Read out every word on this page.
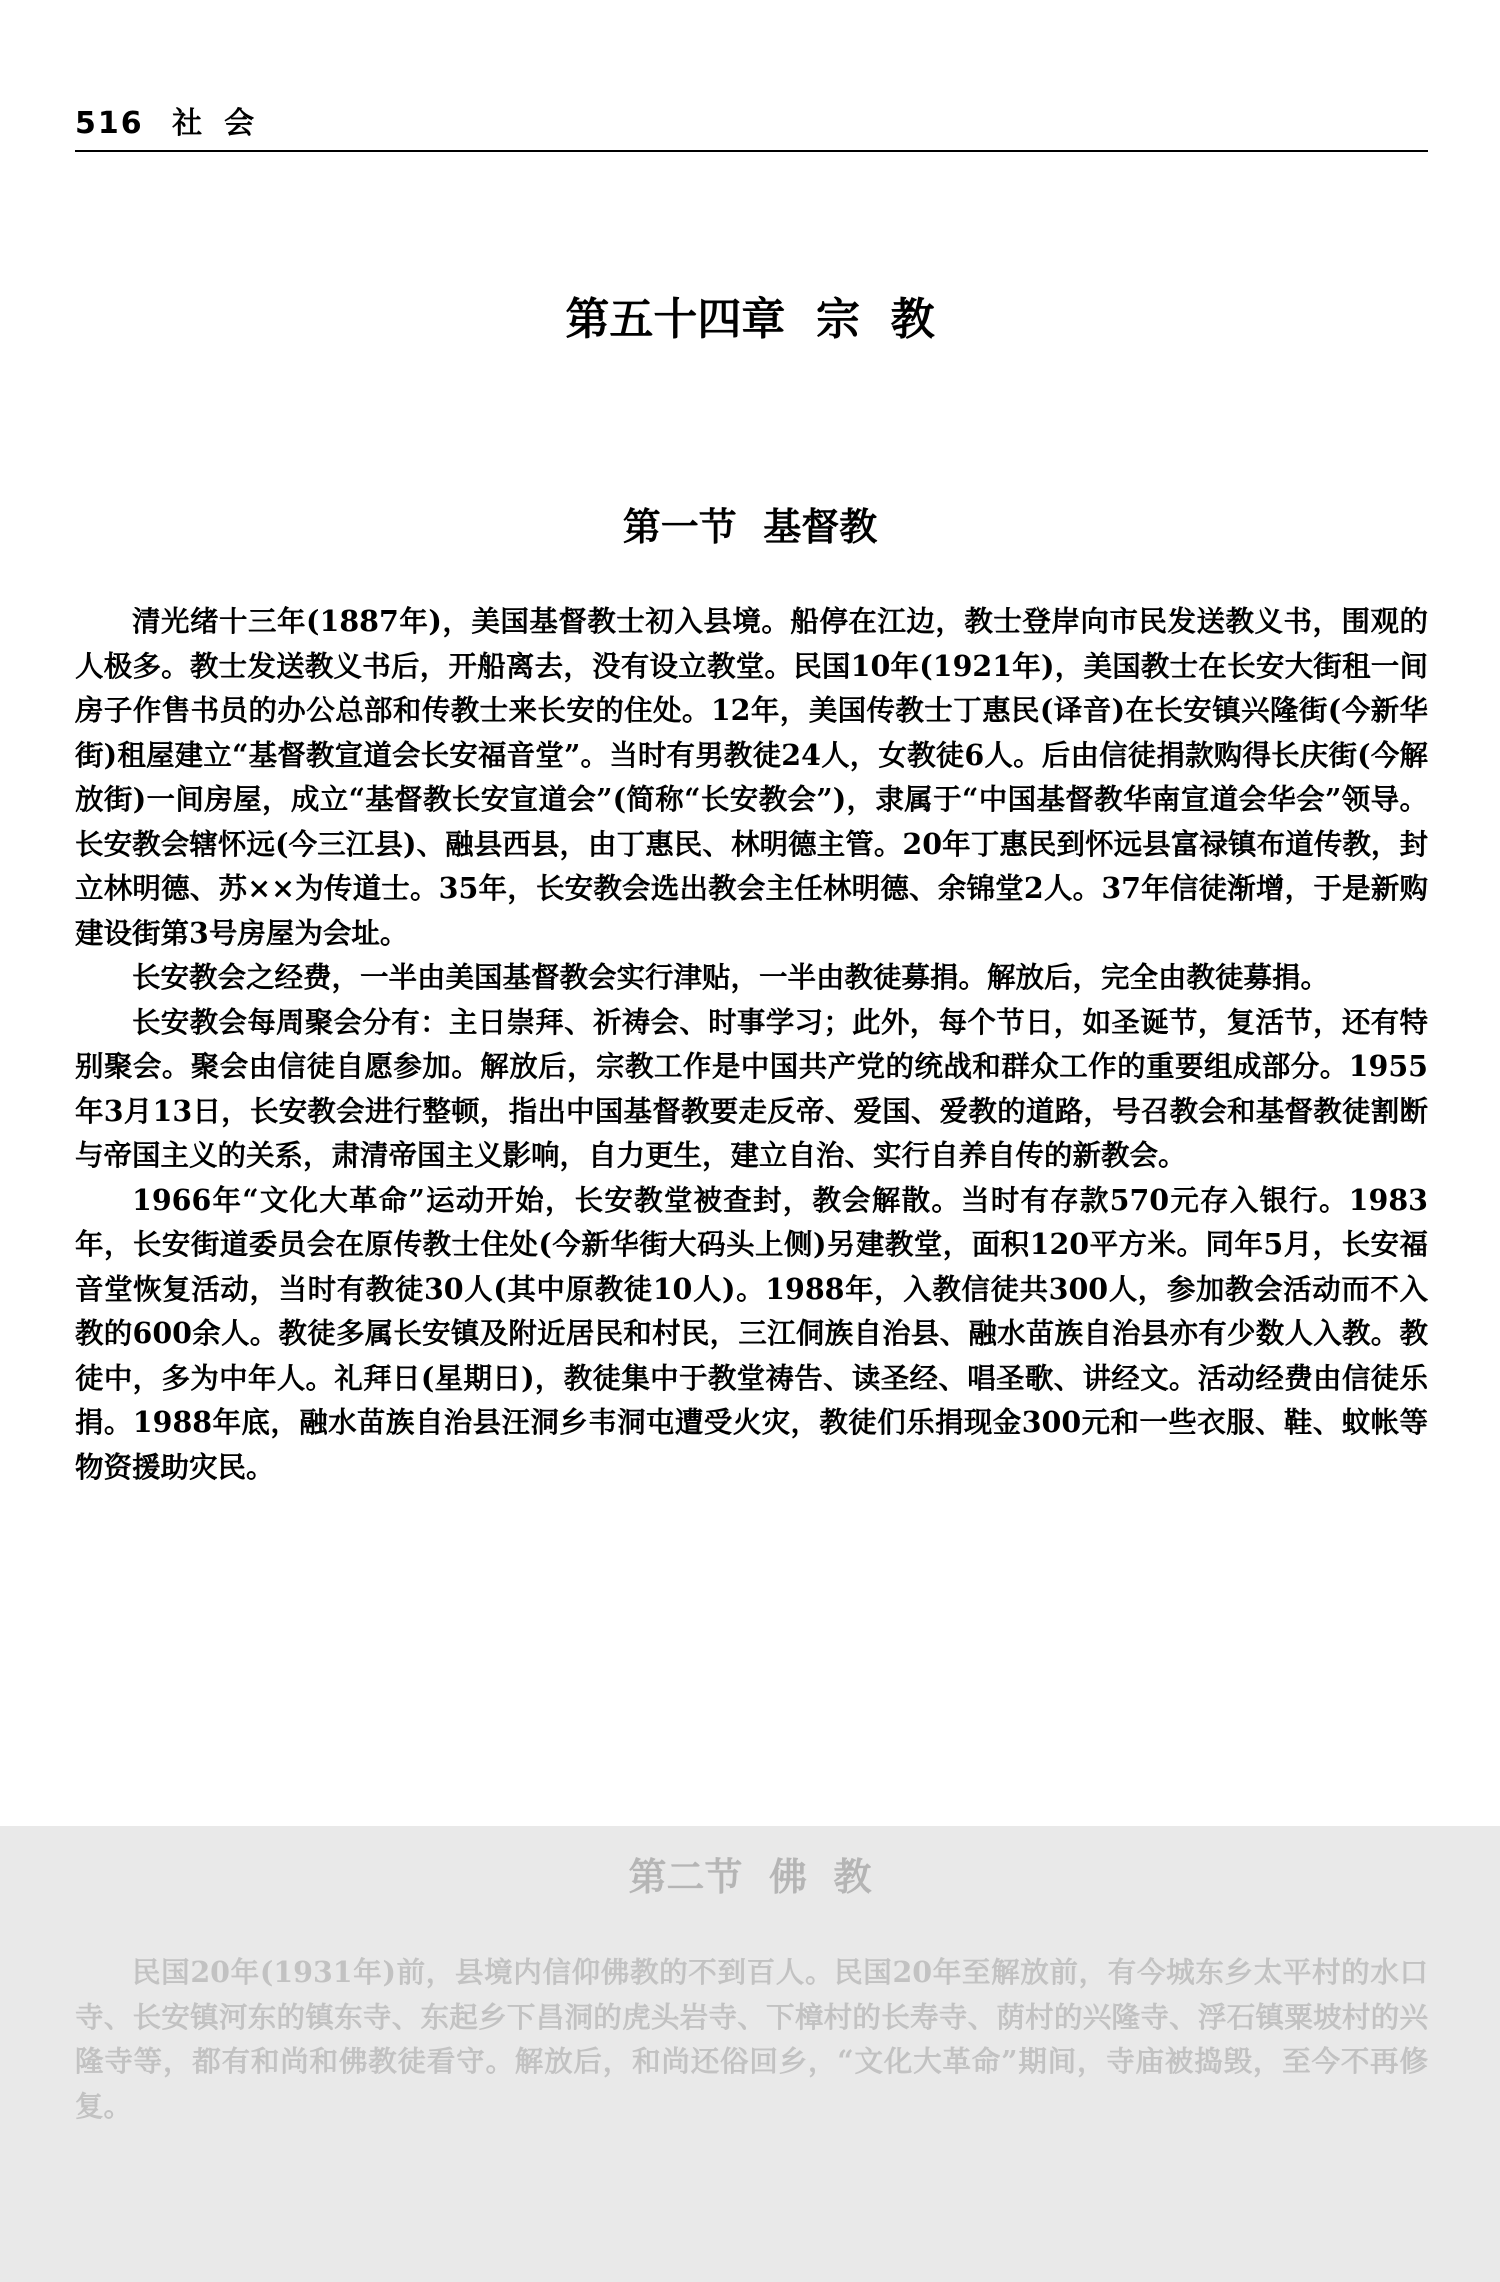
516 社会
第五十四章  宗  教
第一节  基督教

清光绪十三年(1887年)，美国基督教士初入县境。船停在江边，教士登岸向市民发送教义书，围观的人极多。教士发送教义书后，开船离去，没有设立教堂。民国10年(1921年)，美国教士在长安大街租一间房子作售书员的办公总部和传教士来长安的住处。12年，美国传教士丁惠民(译音)在长安镇兴隆街(今新华街)租屋建立“基督教宣道会长安福音堂”。当时有男教徒24人，女教徒6人。后由信徒捐款购得长庆街(今解放街)一间房屋，成立“基督教长安宣道会”(简称“长安教会”)，隶属于“中国基督教华南宣道会华会”领导。长安教会辖怀远(今三江县)、融县西县，由丁惠民、林明德主管。20年丁惠民到怀远县富禄镇布道传教，封立林明德、苏××为传道士。35年，长安教会选出教会主任林明德、余锦堂2人。37年信徒渐增，于是新购建设街第3号房屋为会址。

长安教会之经费，一半由美国基督教会实行津贴，一半由教徒募捐。解放后，完全由教徒募捐。

长安教会每周聚会分有：主日崇拜、祈祷会、时事学习；此外，每个节日，如圣诞节，复活节，还有特别聚会。聚会由信徒自愿参加。解放后，宗教工作是中国共产党的统战和群众工作的重要组成部分。1955年3月13日，长安教会进行整顿，指出中国基督教要走反帝、爱国、爱教的道路，号召教会和基督教徒割断与帝国主义的关系，肃清帝国主义影响，自力更生，建立自治、实行自养自传的新教会。

1966年“文化大革命”运动开始，长安教堂被查封，教会解散。当时有存款570元存入银行。1983年，长安街道委员会在原传教士住处(今新华街大码头上侧)另建教堂，面积120平方米。同年5月，长安福音堂恢复活动，当时有教徒30人(其中原教徒10人)。1988年，入教信徒共300人，参加教会活动而不入教的600余人。教徒多属长安镇及附近居民和村民，三江侗族自治县、融水苗族自治县亦有少数人入教。教徒中，多为中年人。礼拜日(星期日)，教徒集中于教堂祷告、读圣经、唱圣歌、讲经文。活动经费由信徒乐捐。1988年底，融水苗族自治县汪洞乡韦洞屯遭受火灾，教徒们乐捐现金300元和一些衣服、鞋、蚊帐等物资援助灾民。

第二节  佛  教

民国20年(1931年)前，县境内信仰佛教的不到百人。民国20年至解放前，有今城东乡太平村的水口寺、长安镇河东的镇东寺、东起乡下昌洞的虎头岩寺、下樟村的长寿寺、荫村的兴隆寺、浮石镇粟坡村的兴隆寺等，都有和尚和佛教徒看守。解放后，和尚还俗回乡，“文化大革命”期间，寺庙被捣毁，至今不再修复。
